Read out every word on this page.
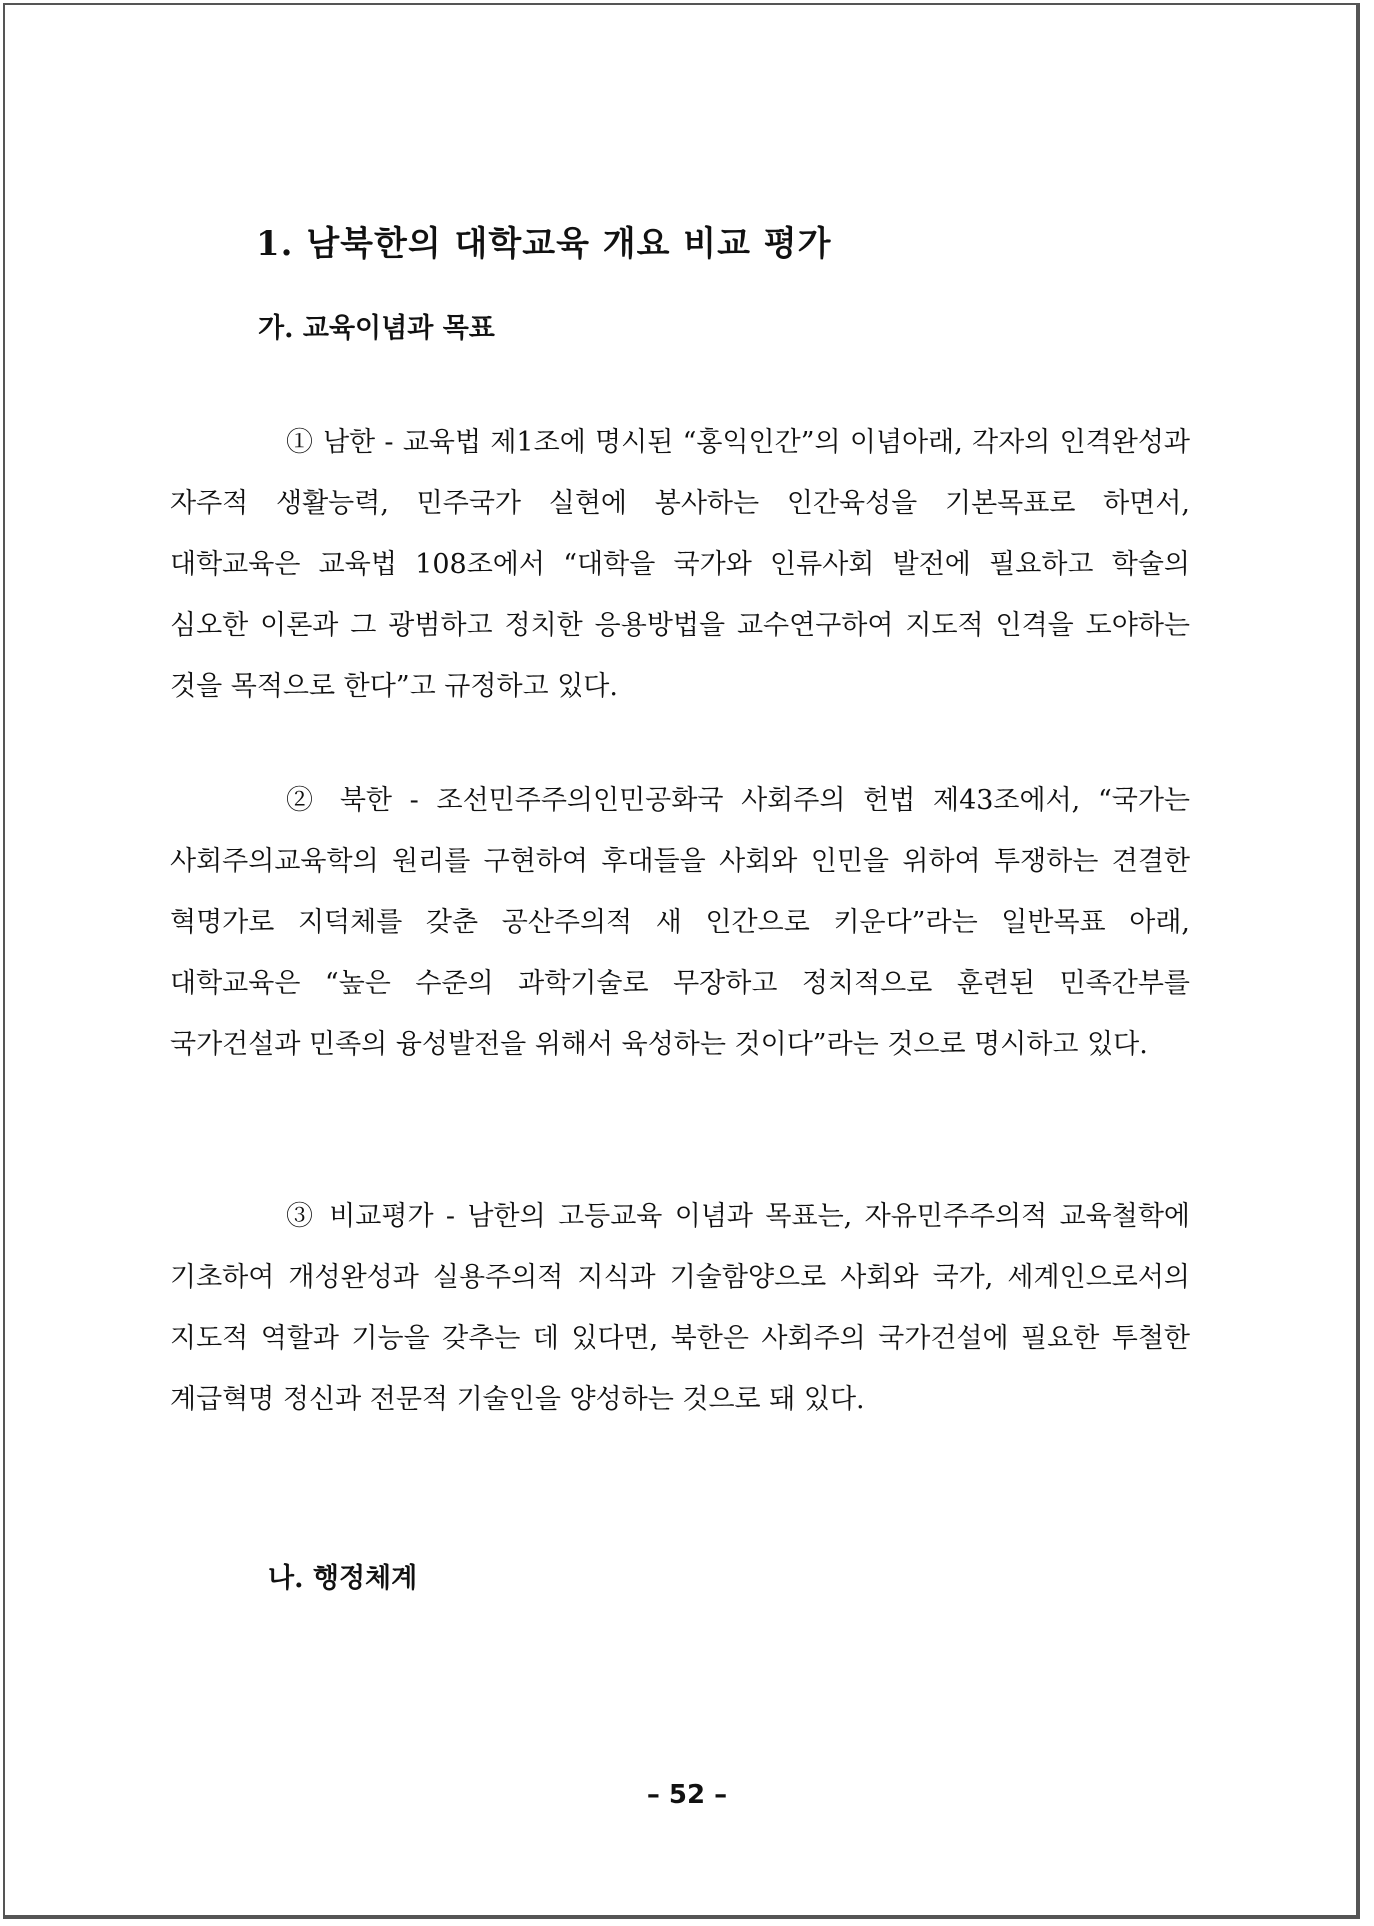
1. 남북한의 대학교육 개요 비교 평가
가. 교육이념과 목표

① 남한 - 교육법 제1조에 명시된 “홍익인간”의 이념아래, 각자의 인격완성과 자주적 생활능력, 민주국가 실현에 봉사하는 인간육성을 기본목표로 하면서, 대학교육은 교육법 108조에서 “대학을 국가와 인류사회 발전에 필요하고 학술의 심오한 이론과 그 광범하고 정치한 응용방법을 교수연구하여 지도적 인격을 도야하는 것을 목적으로 한다”고 규정하고 있다.

② 북한 - 조선민주주의인민공화국 사회주의 헌법 제43조에서, “국가는 사회주의교육학의 원리를 구현하여 후대들을 사회와 인민을 위하여 투쟁하는 견결한 혁명가로 지덕체를 갖춘 공산주의적 새 인간으로 키운다”라는 일반목표 아래, 대학교육은 “높은 수준의 과학기술로 무장하고 정치적으로 훈련된 민족간부를 국가건설과 민족의 융성발전을 위해서 육성하는 것이다”라는 것으로 명시하고 있다.

③ 비교평가 - 남한의 고등교육 이념과 목표는, 자유민주주의적 교육철학에 기초하여 개성완성과 실용주의적 지식과 기술함양으로 사회와 국가, 세계인으로서의 지도적 역할과 기능을 갖추는 데 있다면, 북한은 사회주의 국가건설에 필요한 투철한 계급혁명 정신과 전문적 기술인을 양성하는 것으로 돼 있다.

나. 행정체계

– 52 –
